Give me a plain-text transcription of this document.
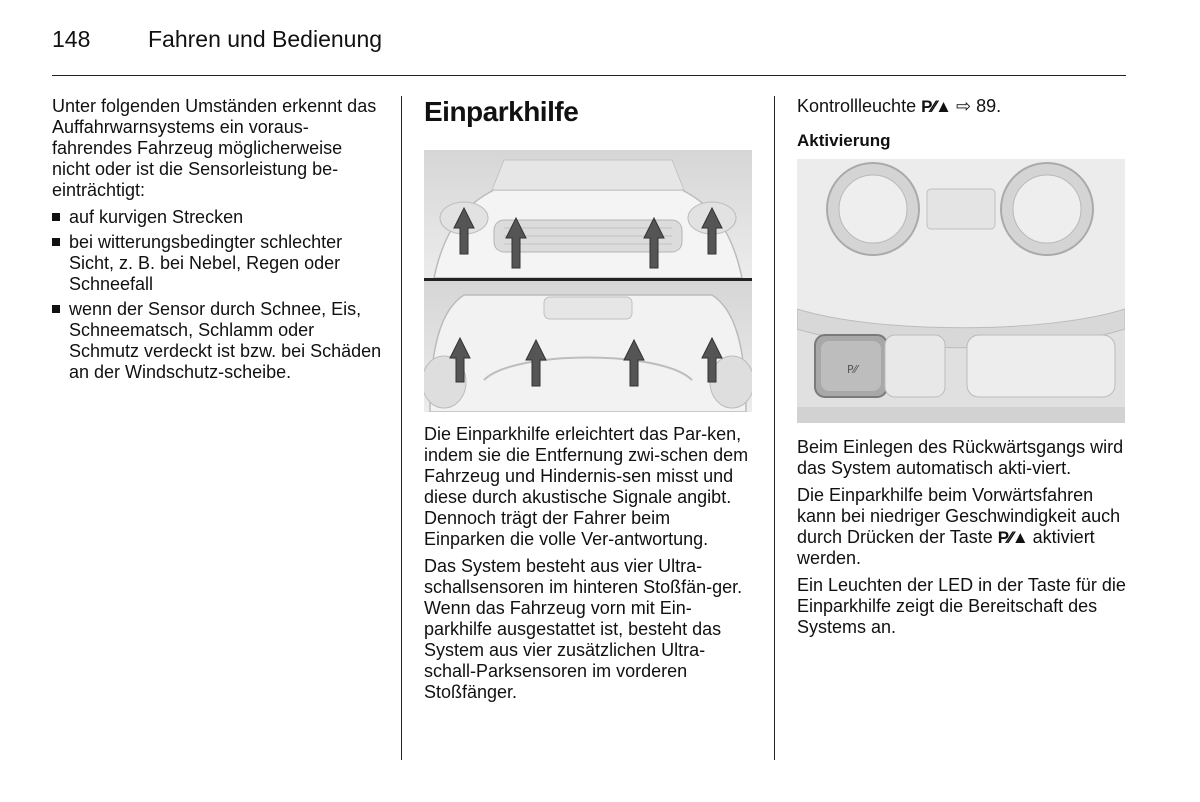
148	Fahren und Bedienung

Unter folgenden Umständen erkennt das Auffahrwarnsystems ein voraus-fahrendes Fahrzeug möglicherweise nicht oder ist die Sensorleistung be-einträchtigt:

auf kurvigen Strecken
bei witterungsbedingter schlechter Sicht, z. B. bei Nebel, Regen oder Schneefall
wenn der Sensor durch Schnee, Eis, Schneematsch, Schlamm oder Schmutz verdeckt ist bzw. bei Schäden an der Windschutz-scheibe.
Einparkhilfe

Die Einparkhilfe erleichtert das Par-ken, indem sie die Entfernung zwi-schen dem Fahrzeug und Hindernis-sen misst und diese durch akustische Signale angibt. Dennoch trägt der Fahrer beim Einparken die volle Ver-antwortung.

Das System besteht aus vier Ultra-schallsensoren im hinteren Stoßfän-ger. Wenn das Fahrzeug vorn mit Ein-parkhilfe ausgestattet ist, besteht das System aus vier zusätzlichen Ultra-schall-Parksensoren im vorderen Stoßfänger.

Kontrollleuchte P⁄⁄▲ ⇨ 89.

Aktivierung
P⁄⁄

Beim Einlegen des Rückwärtsgangs wird das System automatisch akti-viert.

Die Einparkhilfe beim Vorwärtsfahren kann bei niedriger Geschwindigkeit auch durch Drücken der Taste P⁄⁄▲ aktiviert werden.

Ein Leuchten der LED in der Taste für die Einparkhilfe zeigt die Bereitschaft des Systems an.
